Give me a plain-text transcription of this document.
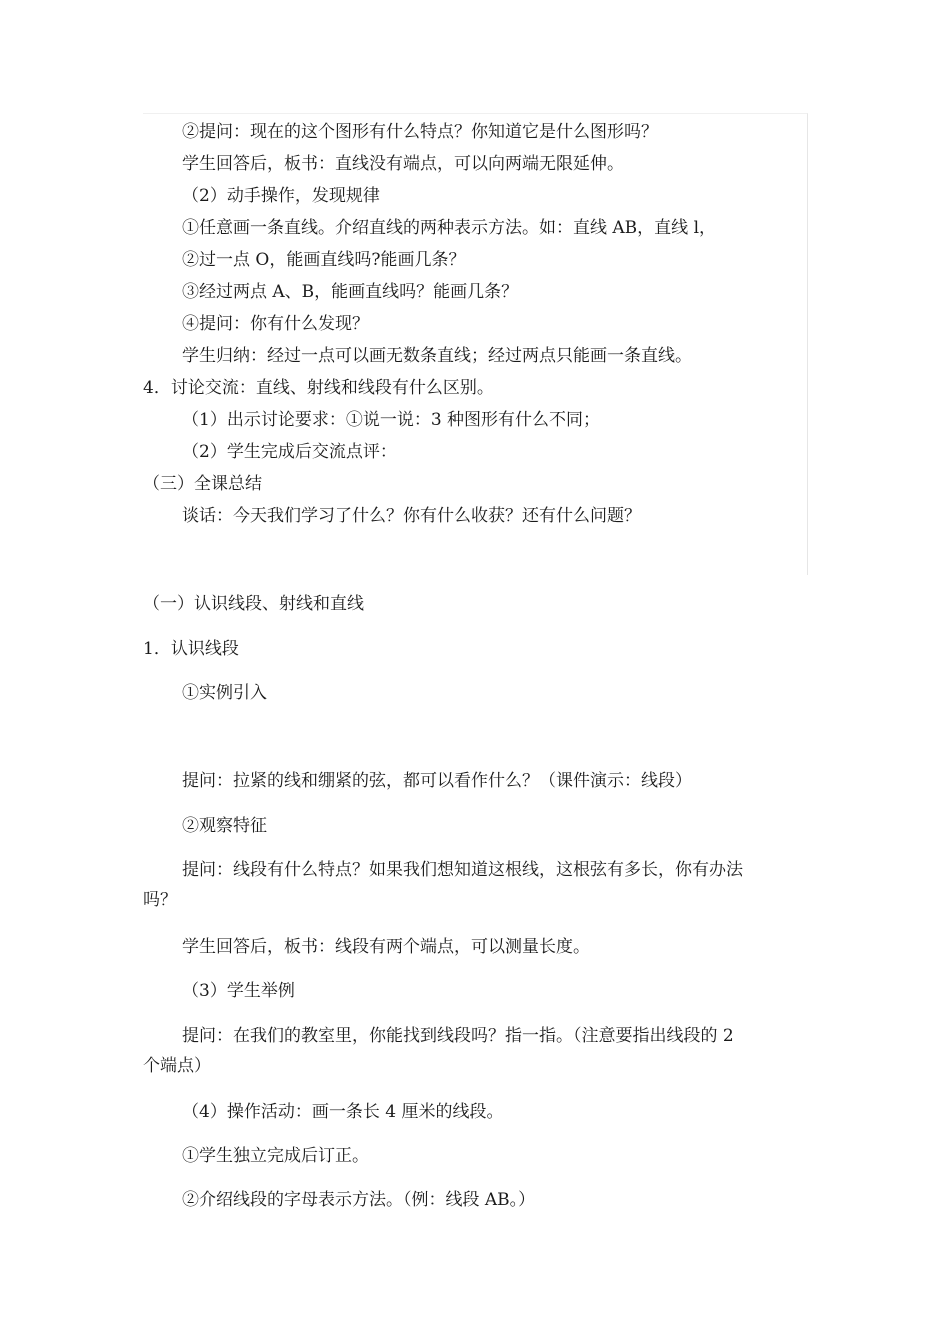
②提问：现在的这个图形有什么特点？你知道它是什么图形吗？
学生回答后，板书：直线没有端点，可以向两端无限延伸。
（2）动手操作，发现规律
①任意画一条直线。介绍直线的两种表示方法。如：直线 AB，直线 l，
②过一点 O，能画直线吗?能画几条？
③经过两点 A、B，能画直线吗？能画几条？
④提问：你有什么发现？
学生归纳：经过一点可以画无数条直线；经过两点只能画一条直线。
4．讨论交流：直线、射线和线段有什么区别。
（1）出示讨论要求：①说一说：3 种图形有什么不同；
（2）学生完成后交流点评：
（三）全课总结
谈话：今天我们学习了什么？你有什么收获？还有什么问题？
（一）认识线段、射线和直线
1．认识线段
①实例引入
提问：拉紧的线和绷紧的弦，都可以看作什么？（课件演示：线段）
②观察特征
提问：线段有什么特点？如果我们想知道这根线，这根弦有多长，你有办法
吗？
学生回答后，板书：线段有两个端点，可以测量长度。
（3）学生举例
提问：在我们的教室里，你能找到线段吗？指一指。（注意要指出线段的 2
个端点）
（4）操作活动：画一条长 4 厘米的线段。
①学生独立完成后订正。
②介绍线段的字母表示方法。（例：线段 AB。）
